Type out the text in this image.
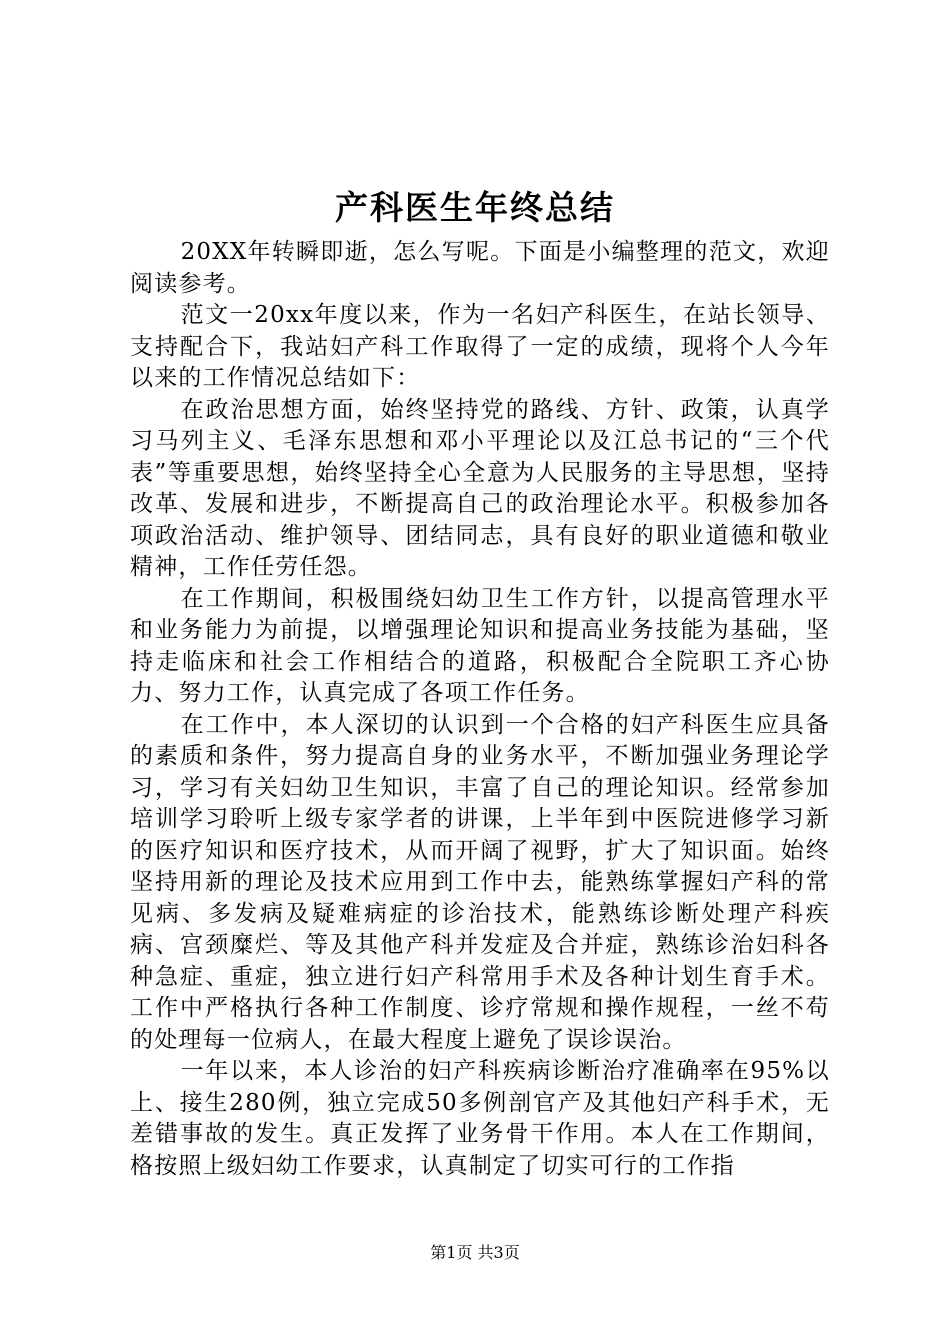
产科医生年终总结

20XX年转瞬即逝，怎么写呢。下面是小编整理的范文，欢迎阅读参考。

范文一20xx年度以来，作为一名妇产科医生，在站长领导、支持配合下，我站妇产科工作取得了一定的成绩，现将个人今年以来的工作情况总结如下：

在政治思想方面，始终坚持党的路线、方针、政策，认真学习马列主义、毛泽东思想和邓小平理论以及江总书记的“三个代表”等重要思想，始终坚持全心全意为人民服务的主导思想，坚持改革、发展和进步，不断提高自己的政治理论水平。积极参加各项政治活动、维护领导、团结同志，具有良好的职业道德和敬业精神，工作任劳任怨。

在工作期间，积极围绕妇幼卫生工作方针，以提高管理水平和业务能力为前提，以增强理论知识和提高业务技能为基础，坚持走临床和社会工作相结合的道路，积极配合全院职工齐心协力、努力工作，认真完成了各项工作任务。

在工作中，本人深切的认识到一个合格的妇产科医生应具备的素质和条件，努力提高自身的业务水平，不断加强业务理论学习，学习有关妇幼卫生知识，丰富了自己的理论知识。经常参加培训学习聆听上级专家学者的讲课，上半年到中医院进修学习新的医疗知识和医疗技术，从而开阔了视野，扩大了知识面。始终坚持用新的理论及技术应用到工作中去，能熟练掌握妇产科的常见病、多发病及疑难病症的诊治技术，能熟练诊断处理产科疾病、宫颈糜烂、等及其他产科并发症及合并症，熟练诊治妇科各种急症、重症，独立进行妇产科常用手术及各种计划生育手术。工作中严格执行各种工作制度、诊疗常规和操作规程，一丝不苟的处理每一位病人，在最大程度上避免了误诊误治。

一年以来，本人诊治的妇产科疾病诊断治疗准确率在95%以上、接生280例，独立完成50多例剖官产及其他妇产科手术，无差错事故的发生。真正发挥了业务骨干作用。本人在工作期间，格按照上级妇幼工作要求，认真制定了切实可行的工作指

第1页 共3页
